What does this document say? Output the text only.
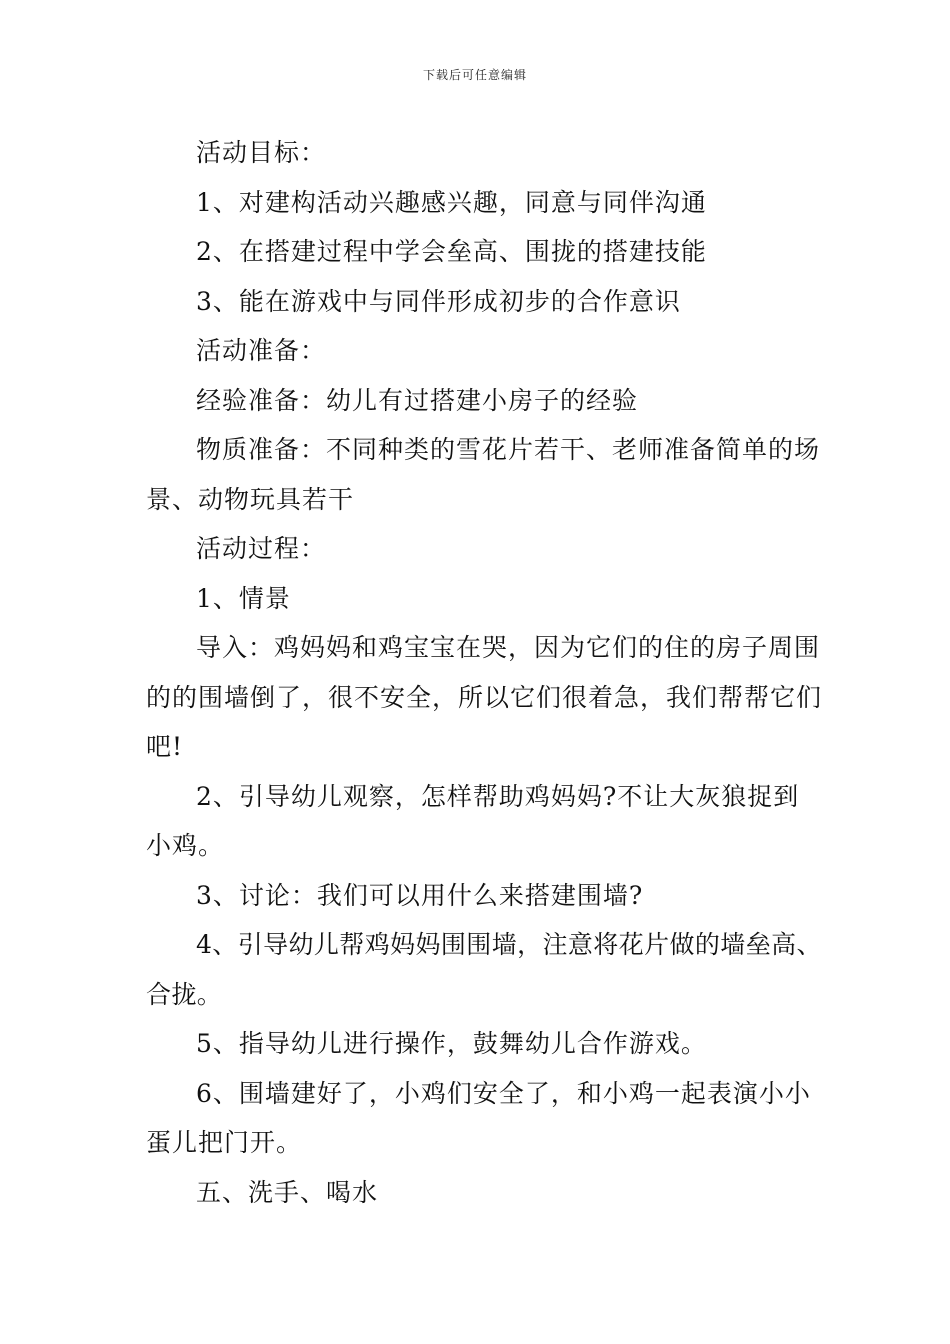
下载后可任意编辑

活动目标：

1、对建构活动兴趣感兴趣，同意与同伴沟通

2、在搭建过程中学会垒高、围拢的搭建技能

3、能在游戏中与同伴形成初步的合作意识

活动准备：

经验准备：幼儿有过搭建小房子的经验

物质准备：不同种类的雪花片若干、老师准备简单的场景、动物玩具若干

活动过程：

1、情景

导入：鸡妈妈和鸡宝宝在哭，因为它们的住的房子周围的的围墙倒了，很不安全，所以它们很着急，我们帮帮它们吧!

2、引导幼儿观察，怎样帮助鸡妈妈?不让大灰狼捉到小鸡。

3、讨论：我们可以用什么来搭建围墙?

4、引导幼儿帮鸡妈妈围围墙，注意将花片做的墙垒高、合拢。

5、指导幼儿进行操作，鼓舞幼儿合作游戏。

6、围墙建好了，小鸡们安全了，和小鸡一起表演小小蛋儿把门开。

五、洗手、喝水
